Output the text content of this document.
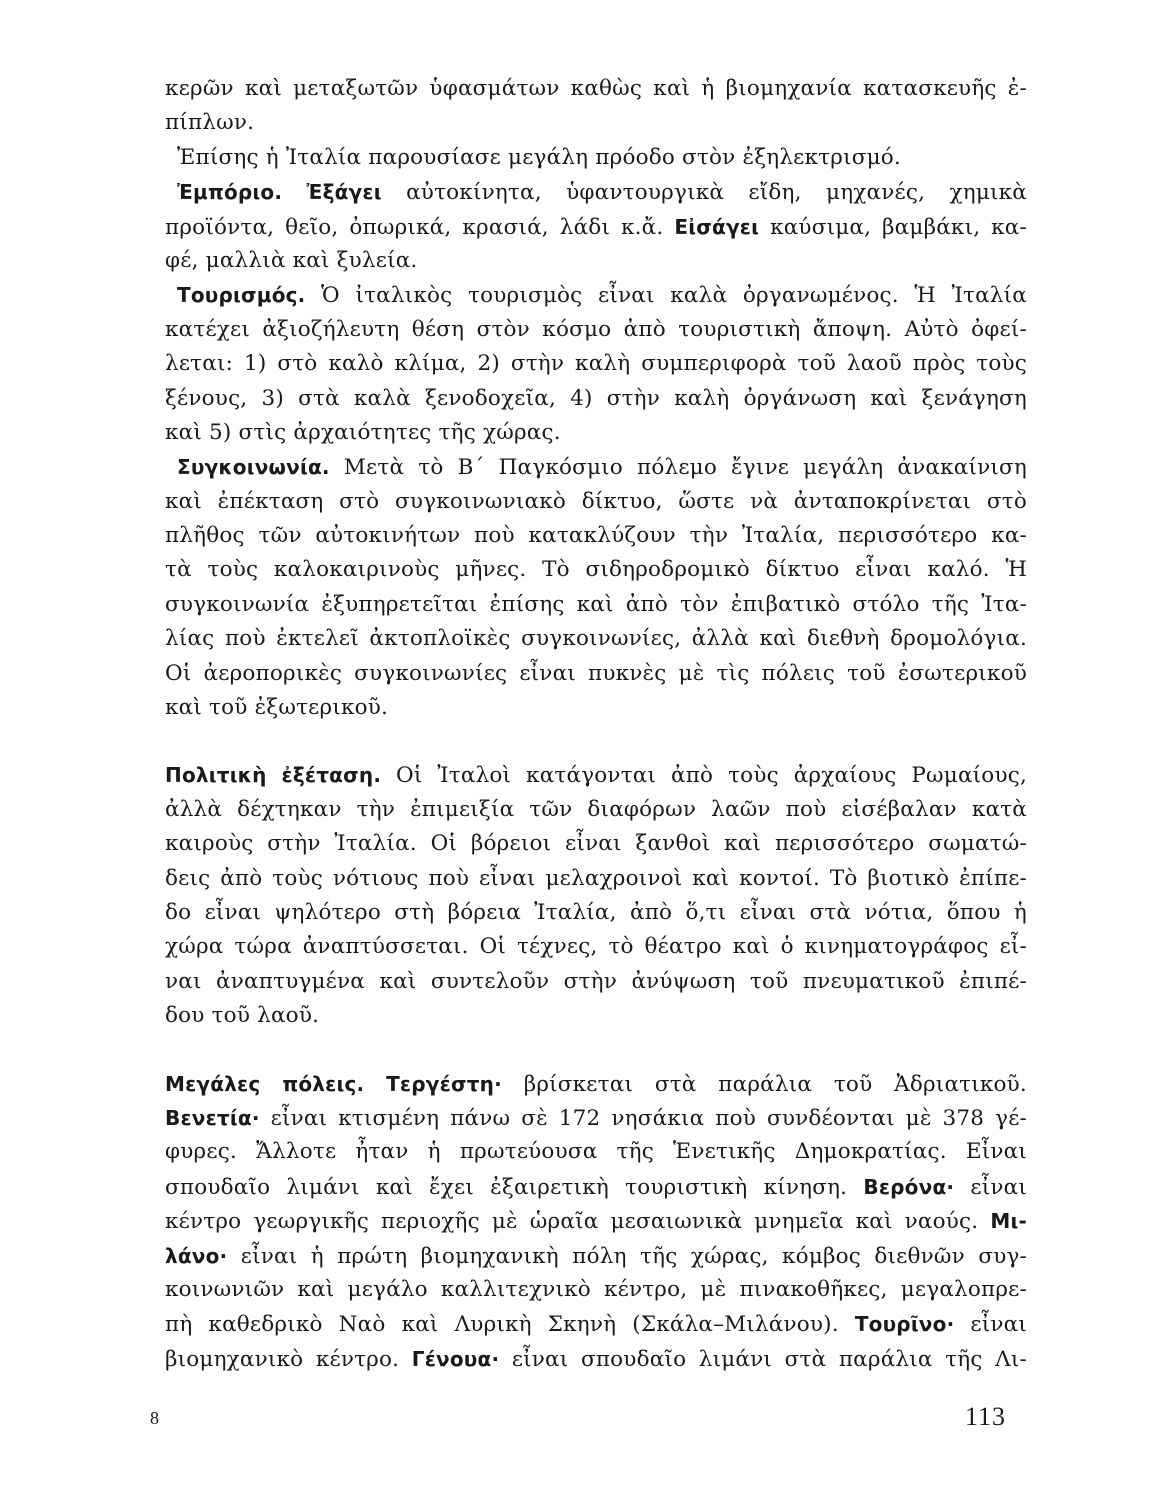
κερῶν καὶ μεταξωτῶν ὑφασμάτων καθὼς καὶ ἡ βιομηχανία κατασκευῆς ἐ-
πίπλων.
Ἐπίσης ἡ Ἰταλία παρουσίασε μεγάλη πρόοδο στὸν ἐξηλεκτρισμό.
Ἐμπόριο. Ἐξάγει αὐτοκίνητα, ὑφαντουργικὰ εἴδη, μηχανές, χημικὰ
προϊόντα, θεῖο, ὀπωρικά, κρασιά, λάδι κ.ἄ. Εἰσάγει καύσιμα, βαμβάκι, κα-
φέ, μαλλιὰ καὶ ξυλεία.
Τουρισμός. Ὁ ἰταλικὸς τουρισμὸς εἶναι καλὰ ὀργανωμένος. Ἡ Ἰταλία
κατέχει ἀξιοζήλευτη θέση στὸν κόσμο ἀπὸ τουριστικὴ ἄποψη. Αὐτὸ ὀφεί-
λεται: 1) στὸ καλὸ κλίμα, 2) στὴν καλὴ συμπεριφορὰ τοῦ λαοῦ πρὸς τοὺς
ξένους, 3) στὰ καλὰ ξενοδοχεῖα, 4) στὴν καλὴ ὀργάνωση καὶ ξενάγηση
καὶ 5) στὶς ἀρχαιότητες τῆς χώρας.
Συγκοινωνία. Μετὰ τὸ Β΄ Παγκόσμιο πόλεμο ἔγινε μεγάλη ἀνακαίνιση
καὶ ἐπέκταση στὸ συγκοινωνιακὸ δίκτυο, ὥστε νὰ ἀνταποκρίνεται στὸ
πλῆθος τῶν αὐτοκινήτων ποὺ κατακλύζουν τὴν Ἰταλία, περισσότερο κα-
τὰ τοὺς καλοκαιρινοὺς μῆνες. Τὸ σιδηροδρομικὸ δίκτυο εἶναι καλό. Ἡ
συγκοινωνία ἐξυπηρετεῖται ἐπίσης καὶ ἀπὸ τὸν ἐπιβατικὸ στόλο τῆς Ἰτα-
λίας ποὺ ἐκτελεῖ ἀκτοπλοϊκὲς συγκοινωνίες, ἀλλὰ καὶ διεθνὴ δρομολόγια.
Οἱ ἀεροπορικὲς συγκοινωνίες εἶναι πυκνὲς μὲ τὶς πόλεις τοῦ ἐσωτερικοῦ
καὶ τοῦ ἐξωτερικοῦ.
Πολιτικὴ ἐξέταση. Οἱ Ἰταλοὶ κατάγονται ἀπὸ τοὺς ἀρχαίους Ρωμαίους,
ἀλλὰ δέχτηκαν τὴν ἐπιμειξία τῶν διαφόρων λαῶν ποὺ εἰσέβαλαν κατὰ
καιροὺς στὴν Ἰταλία. Οἱ βόρειοι εἶναι ξανθοὶ καὶ περισσότερο σωματώ-
δεις ἀπὸ τοὺς νότιους ποὺ εἶναι μελαχροινοὶ καὶ κοντοί. Τὸ βιοτικὸ ἐπίπε-
δο εἶναι ψηλότερο στὴ βόρεια Ἰταλία, ἀπὸ ὅ,τι εἶναι στὰ νότια, ὅπου ἡ
χώρα τώρα ἀναπτύσσεται. Οἱ τέχνες, τὸ θέατρο καὶ ὁ κινηματογράφος εἶ-
ναι ἀναπτυγμένα καὶ συντελοῦν στὴν ἀνύψωση τοῦ πνευματικοῦ ἐπιπέ-
δου τοῦ λαοῦ.
Μεγάλες πόλεις. Τεργέστη· βρίσκεται στὰ παράλια τοῦ Ἀδριατικοῦ.
Βενετία· εἶναι κτισμένη πάνω σὲ 172 νησάκια ποὺ συνδέονται μὲ 378 γέ-
φυρες. Ἄλλοτε ἦταν ἡ πρωτεύουσα τῆς Ἑνετικῆς Δημοκρατίας. Εἶναι
σπουδαῖο λιμάνι καὶ ἔχει ἐξαιρετικὴ τουριστικὴ κίνηση. Βερόνα· εἶναι
κέντρο γεωργικῆς περιοχῆς μὲ ὡραῖα μεσαιωνικὰ μνημεῖα καὶ ναούς. Μι-
λάνο· εἶναι ἡ πρώτη βιομηχανικὴ πόλη τῆς χώρας, κόμβος διεθνῶν συγ-
κοινωνιῶν καὶ μεγάλο καλλιτεχνικὸ κέντρο, μὲ πινακοθῆκες, μεγαλοπρε-
πὴ καθεδρικὸ Ναὸ καὶ Λυρικὴ Σκηνὴ (Σκάλα–Μιλάνου). Τουρῖνο· εἶναι
βιομηχανικὸ κέντρο. Γένουα· εἶναι σπουδαῖο λιμάνι στὰ παράλια τῆς Λι-
8	113
